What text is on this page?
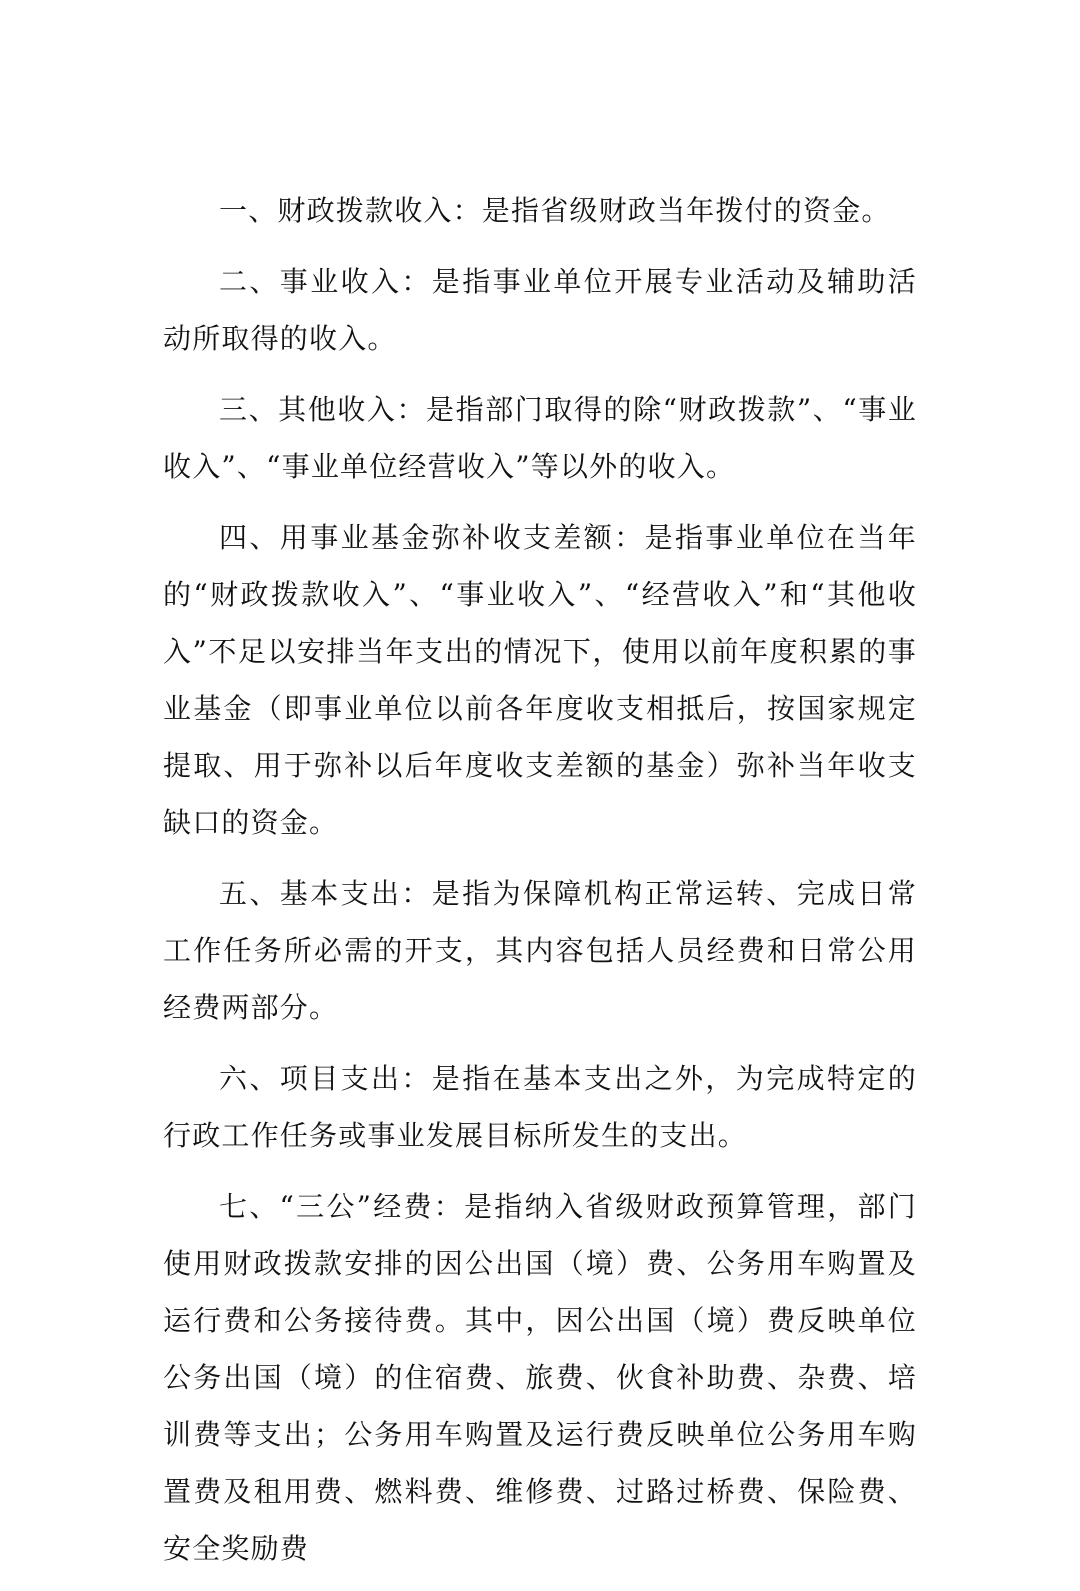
一、财政拨款收入：是指省级财政当年拨付的资金。

二、事业收入：是指事业单位开展专业活动及辅助活动所取得的收入。

三、其他收入：是指部门取得的除“财政拨款”、“事业收入”、“事业单位经营收入”等以外的收入。

四、用事业基金弥补收支差额：是指事业单位在当年的“财政拨款收入”、“事业收入”、“经营收入”和“其他收入”不足以安排当年支出的情况下，使用以前年度积累的事业基金（即事业单位以前各年度收支相抵后，按国家规定提取、用于弥补以后年度收支差额的基金）弥补当年收支缺口的资金。

五、基本支出：是指为保障机构正常运转、完成日常工作任务所必需的开支，其内容包括人员经费和日常公用经费两部分。

六、项目支出：是指在基本支出之外，为完成特定的行政工作任务或事业发展目标所发生的支出。

七、“三公”经费：是指纳入省级财政预算管理，部门使用财政拨款安排的因公出国（境）费、公务用车购置及运行费和公务接待费。其中，因公出国（境）费反映单位公务出国（境）的住宿费、旅费、伙食补助费、杂费、培训费等支出；公务用车购置及运行费反映单位公务用车购置费及租用费、燃料费、维修费、过路过桥费、保险费、安全奖励费
